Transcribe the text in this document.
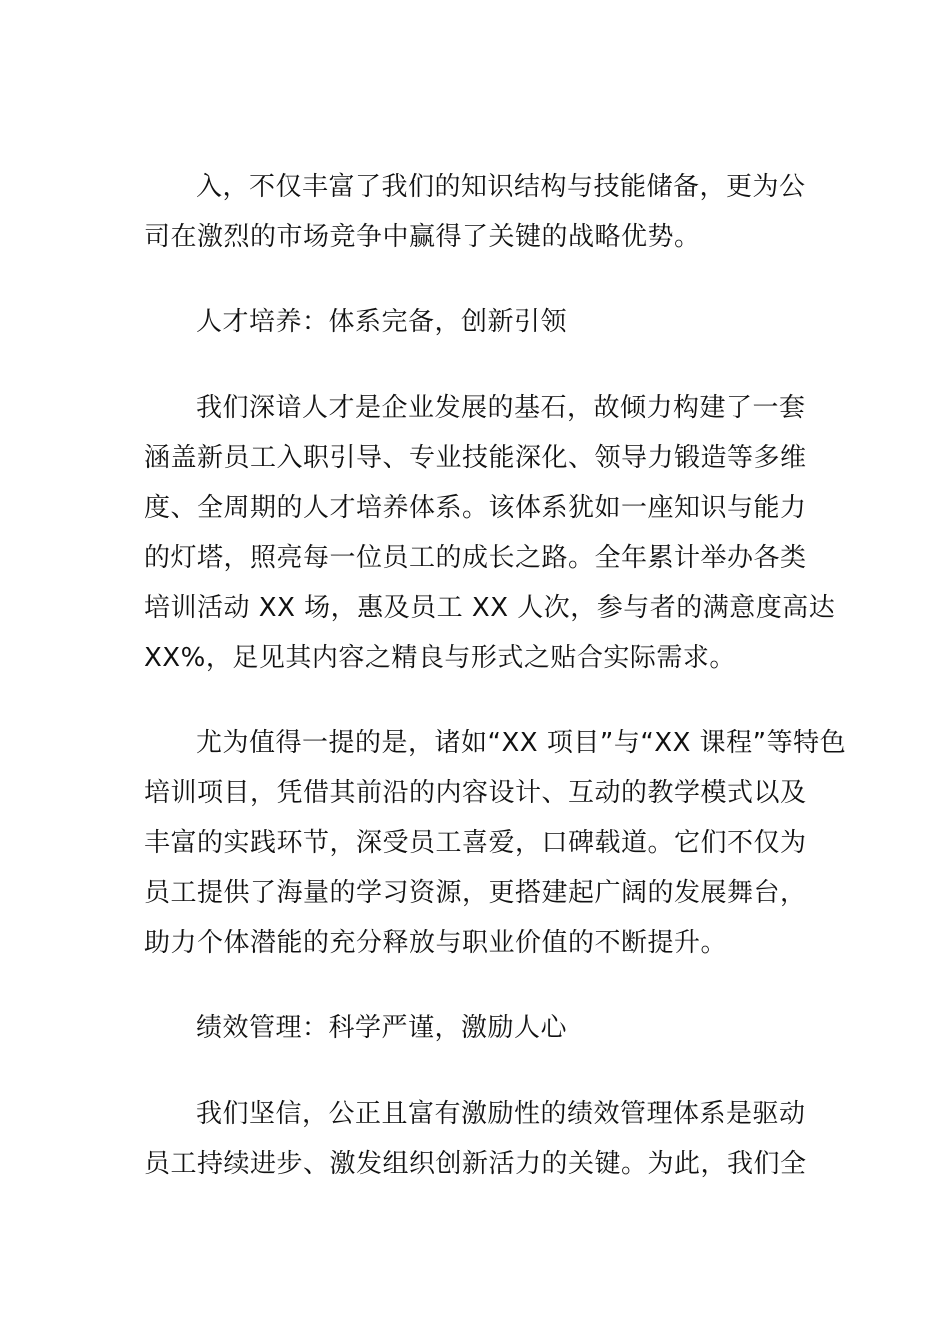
入，不仅丰富了我们的知识结构与技能储备，更为公
司在激烈的市场竞争中赢得了关键的战略优势。
人才培养：体系完备，创新引领
我们深谙人才是企业发展的基石，故倾力构建了一套
涵盖新员工入职引导、专业技能深化、领导力锻造等多维
度、全周期的人才培养体系。该体系犹如一座知识与能力
的灯塔，照亮每一位员工的成长之路。全年累计举办各类
培训活动 XX 场，惠及员工 XX 人次，参与者的满意度高达
XX%，足见其内容之精良与形式之贴合实际需求。
尤为值得一提的是，诸如“XX 项目”与“XX 课程”等特色
培训项目，凭借其前沿的内容设计、互动的教学模式以及
丰富的实践环节，深受员工喜爱，口碑载道。它们不仅为
员工提供了海量的学习资源，更搭建起广阔的发展舞台，
助力个体潜能的充分释放与职业价值的不断提升。
绩效管理：科学严谨，激励人心
我们坚信，公正且富有激励性的绩效管理体系是驱动
员工持续进步、激发组织创新活力的关键。为此，我们全
